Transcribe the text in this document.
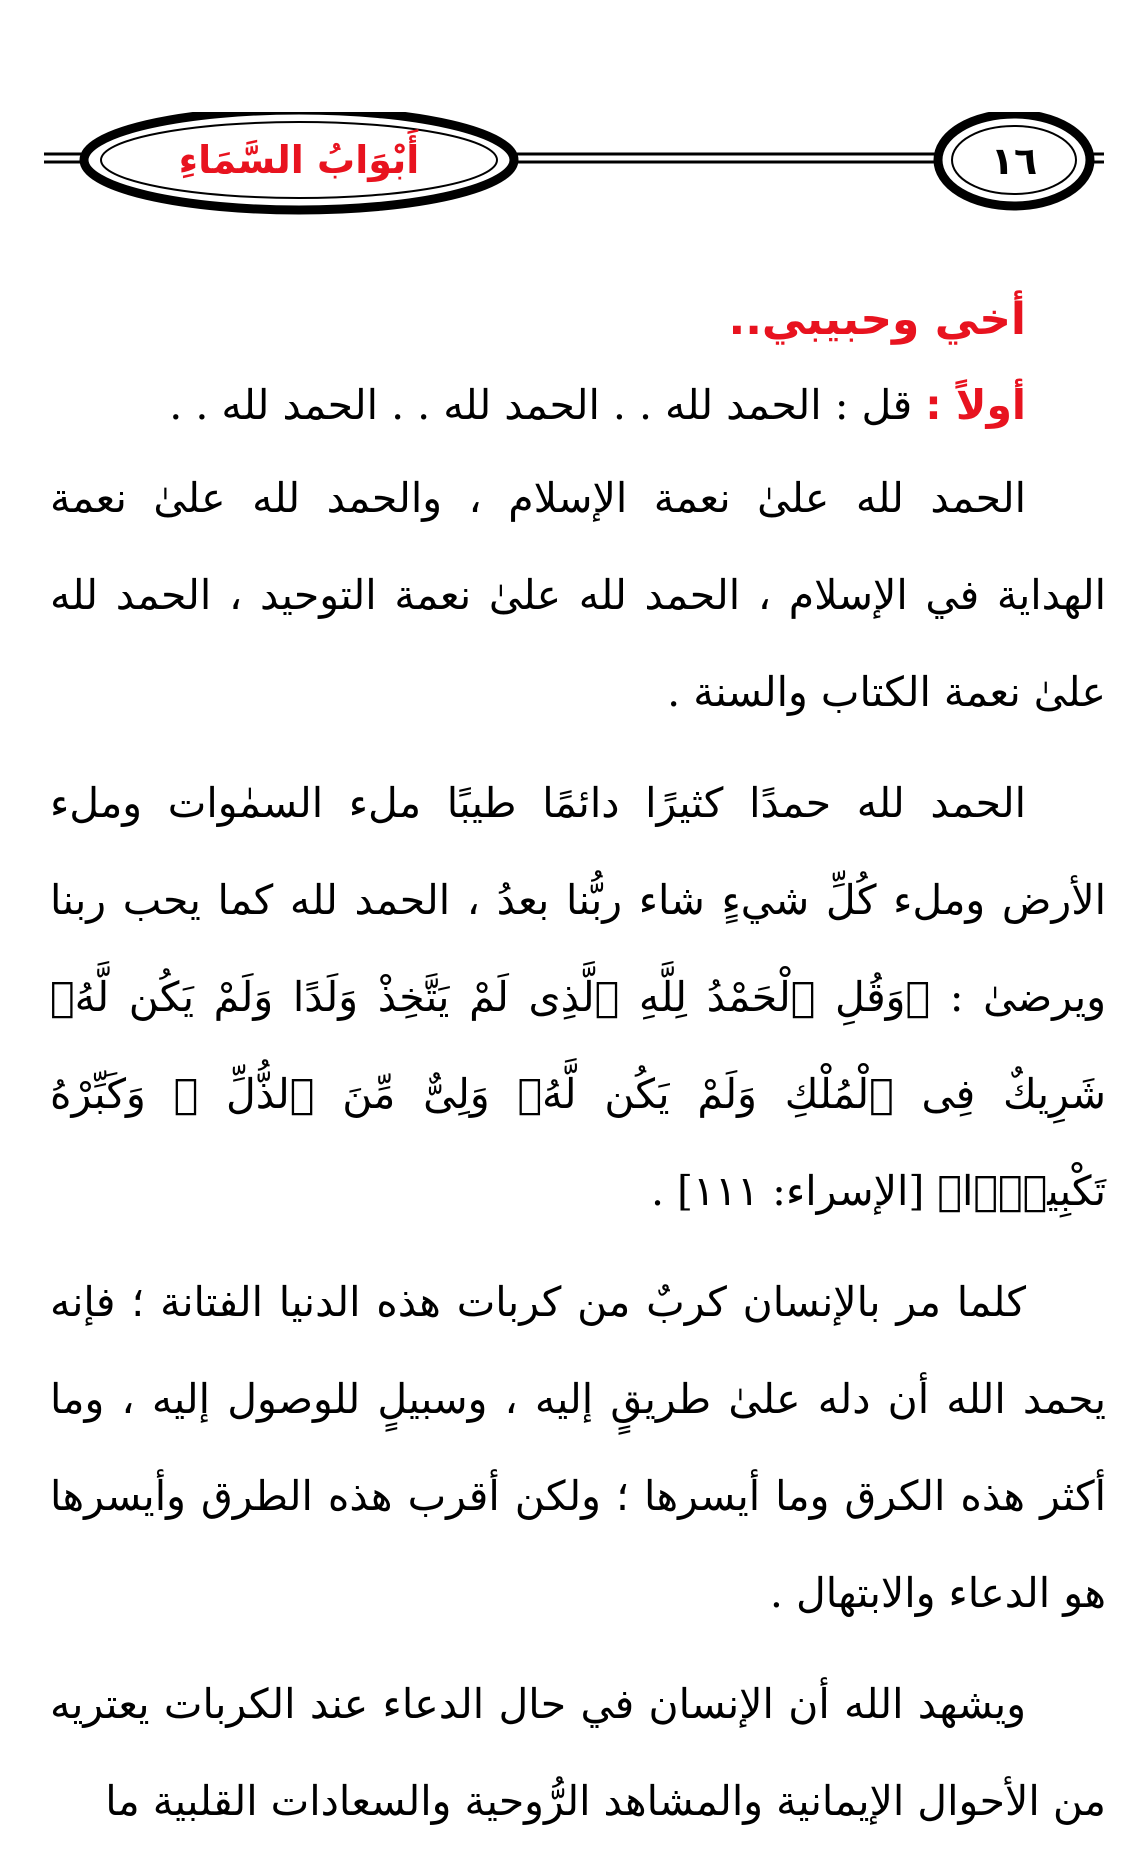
أَبْوَابُ السَّمَاءِ	١٦
أخي وحبيبي..
أولاً : قل : الحمد لله . . الحمد لله . . الحمد لله . .

الحمد لله علىٰ نعمة الإسلام ، والحمد لله علىٰ نعمة الهداية في الإسلام ، الحمد لله علىٰ نعمة التوحيد ، الحمد لله علىٰ نعمة الكتاب والسنة .

الحمد لله حمدًا كثيرًا دائمًا طيبًا ملء السمٰوات وملء الأرض وملء كُلِّ شيءٍ شاء ربُّنا بعدُ ، الحمد لله كما يحب ربنا ويرضىٰ : ﴿وَقُلِ ٱلْحَمْدُ لِلَّهِ ٱلَّذِى لَمْ يَتَّخِذْ وَلَدًا وَلَمْ يَكُن لَّهُۥ شَرِيكٌ فِى ٱلْمُلْكِ وَلَمْ يَكُن لَّهُۥ وَلِىٌّ مِّنَ ٱلذُّلِّ ۖ وَكَبِّرْهُ تَكْبِيرًۢا﴾ [الإسراء: ١١١] .

كلما مر بالإنسان كربٌ من كربات هذه الدنيا الفتانة ؛ فإنه يحمد الله أن دله علىٰ طريقٍ إليه ، وسبيلٍ للوصول إليه ، وما أكثر هذه الكرق وما أيسرها ؛ ولكن أقرب هذه الطرق وأيسرها هو الدعاء والابتهال .

ويشهد الله أن الإنسان في حال الدعاء عند الكربات يعتريه من الأحوال الإيمانية والمشاهد الرُّوحية والسعادات القلبية ما
